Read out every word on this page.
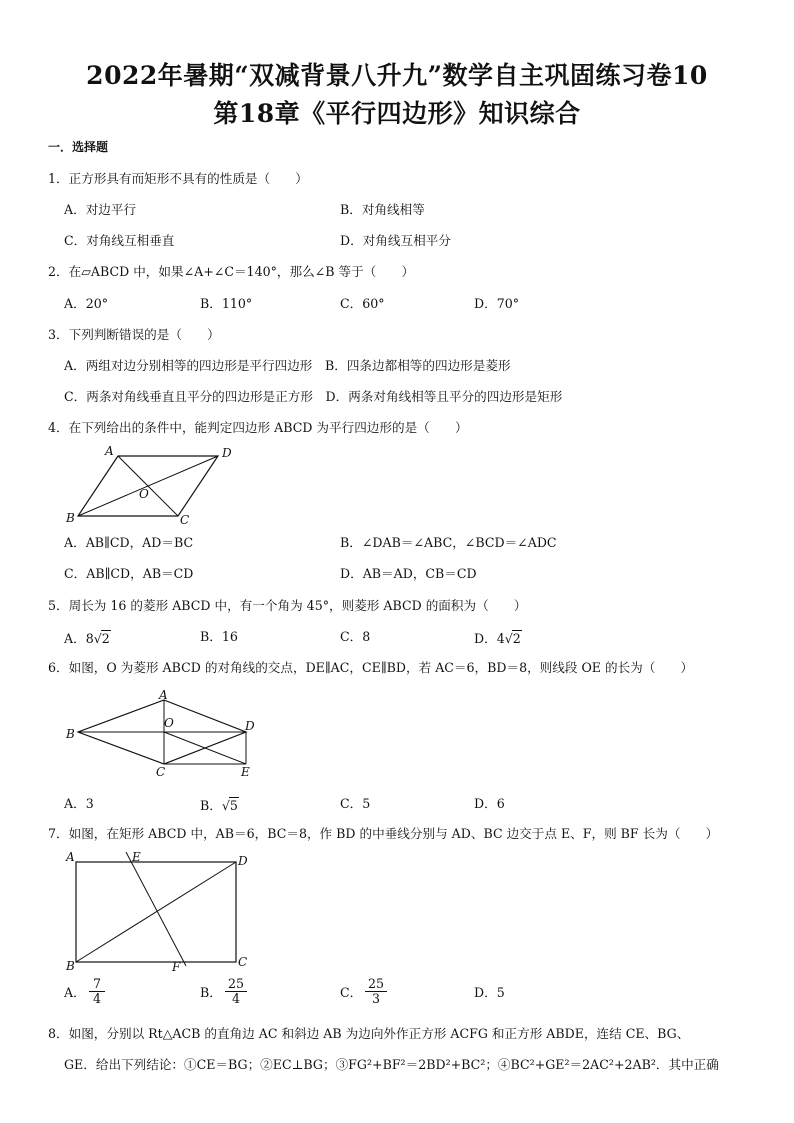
2022年暑期“双减背景八升九”数学自主巩固练习卷10
第18章《平行四边形》知识综合
一．选择题
1．正方形具有而矩形不具有的性质是（　　）
A．对边平行	B．对角线相等
C．对角线互相垂直	D．对角线互相平分
2．在▱ABCD 中，如果∠A+∠C＝140°，那么∠B 等于（　　）
A．20°	B．110°	C．60°	D．70°
3．下列判断错误的是（　　）
A．两组对边分别相等的四边形是平行四边形　B．四条边都相等的四边形是菱形
C．两条对角线垂直且平分的四边形是正方形　D．两条对角线相等且平分的四边形是矩形
4．在下列给出的条件中，能判定四边形 ABCD 为平行四边形的是（　　）
A	D
B	C
O
A．AB∥CD，AD＝BC	B．∠DAB＝∠ABC，∠BCD＝∠ADC
C．AB∥CD，AB＝CD	D．AB＝AD，CB＝CD
5．周长为 16 的菱形 ABCD 中，有一个角为 45°，则菱形 ABCD 的面积为（　　）
A．8√2	B．16	C．8	D．4√2
6．如图，O 为菱形 ABCD 的对角线的交点，DE∥AC，CE∥BD，若 AC＝6，BD＝8，则线段 OE 的长为（　　）
A
B
C
D
O
E
A．3	B．√5	C．5	D．6
7．如图，在矩形 ABCD 中，AB＝6，BC＝8，作 BD 的中垂线分别与 AD、BC 边交于点 E、F，则 BF 长为（　　）
A	E	D
B	F	C
A． $\frac{7}{4}$	B． $\frac{25}{4}$	C． $\frac{25}{3}$	D．5
8．如图，分别以 Rt△ACB 的直角边 AC 和斜边 AB 为边向外作正方形 ACFG 和正方形 ABDE，连结 CE、BG、
GE．给出下列结论：①CE＝BG；②EC⊥BG；③FG²+BF²＝2BD²+BC²；④BC²+GE²＝2AC²+2AB²．其中正确
